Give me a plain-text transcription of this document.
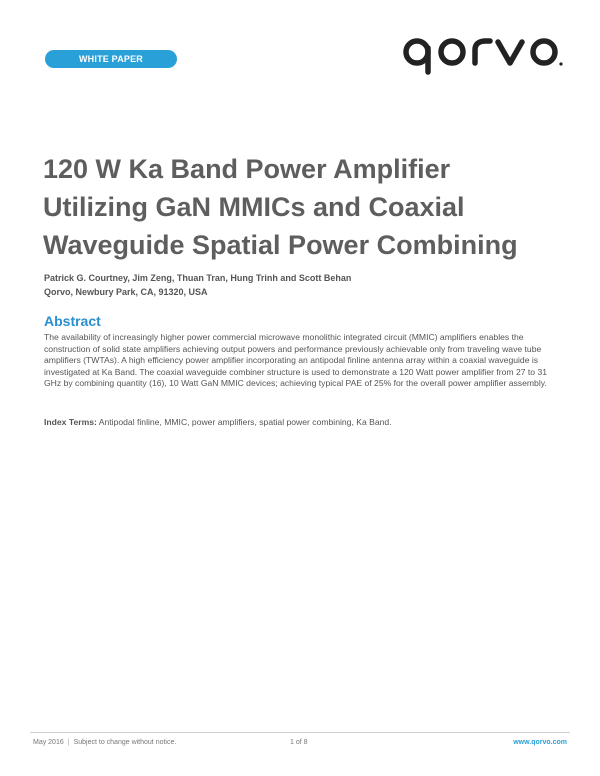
WHITE PAPER
120 W Ka Band Power Amplifier
Utilizing GaN MMICs and Coaxial
Waveguide Spatial Power Combining
Patrick G. Courtney, Jim Zeng, Thuan Tran, Hung Trinh and Scott Behan
Qorvo, Newbury Park, CA, 91320, USA
Abstract

The availability of increasingly higher power commercial microwave monolithic integrated circuit (MMIC) amplifiers enables the construction of solid state amplifiers achieving output powers and performance previously achievable only from traveling wave tube amplifiers (TWTAs). A high efficiency power amplifier incorporating an antipodal finline antenna array within a coaxial waveguide is investigated at Ka Band. The coaxial waveguide combiner structure is used to demonstrate a 120 Watt power amplifier from 27 to 31 GHz by combining quantity (16), 10 Watt GaN MMIC devices; achieving typical PAE of 25% for the overall power amplifier assembly.

Index Terms: Antipodal finline, MMIC, power amplifiers, spatial power combining, Ka Band.

May 2016 | Subject to change without notice.	1 of 8	www.qorvo.com
